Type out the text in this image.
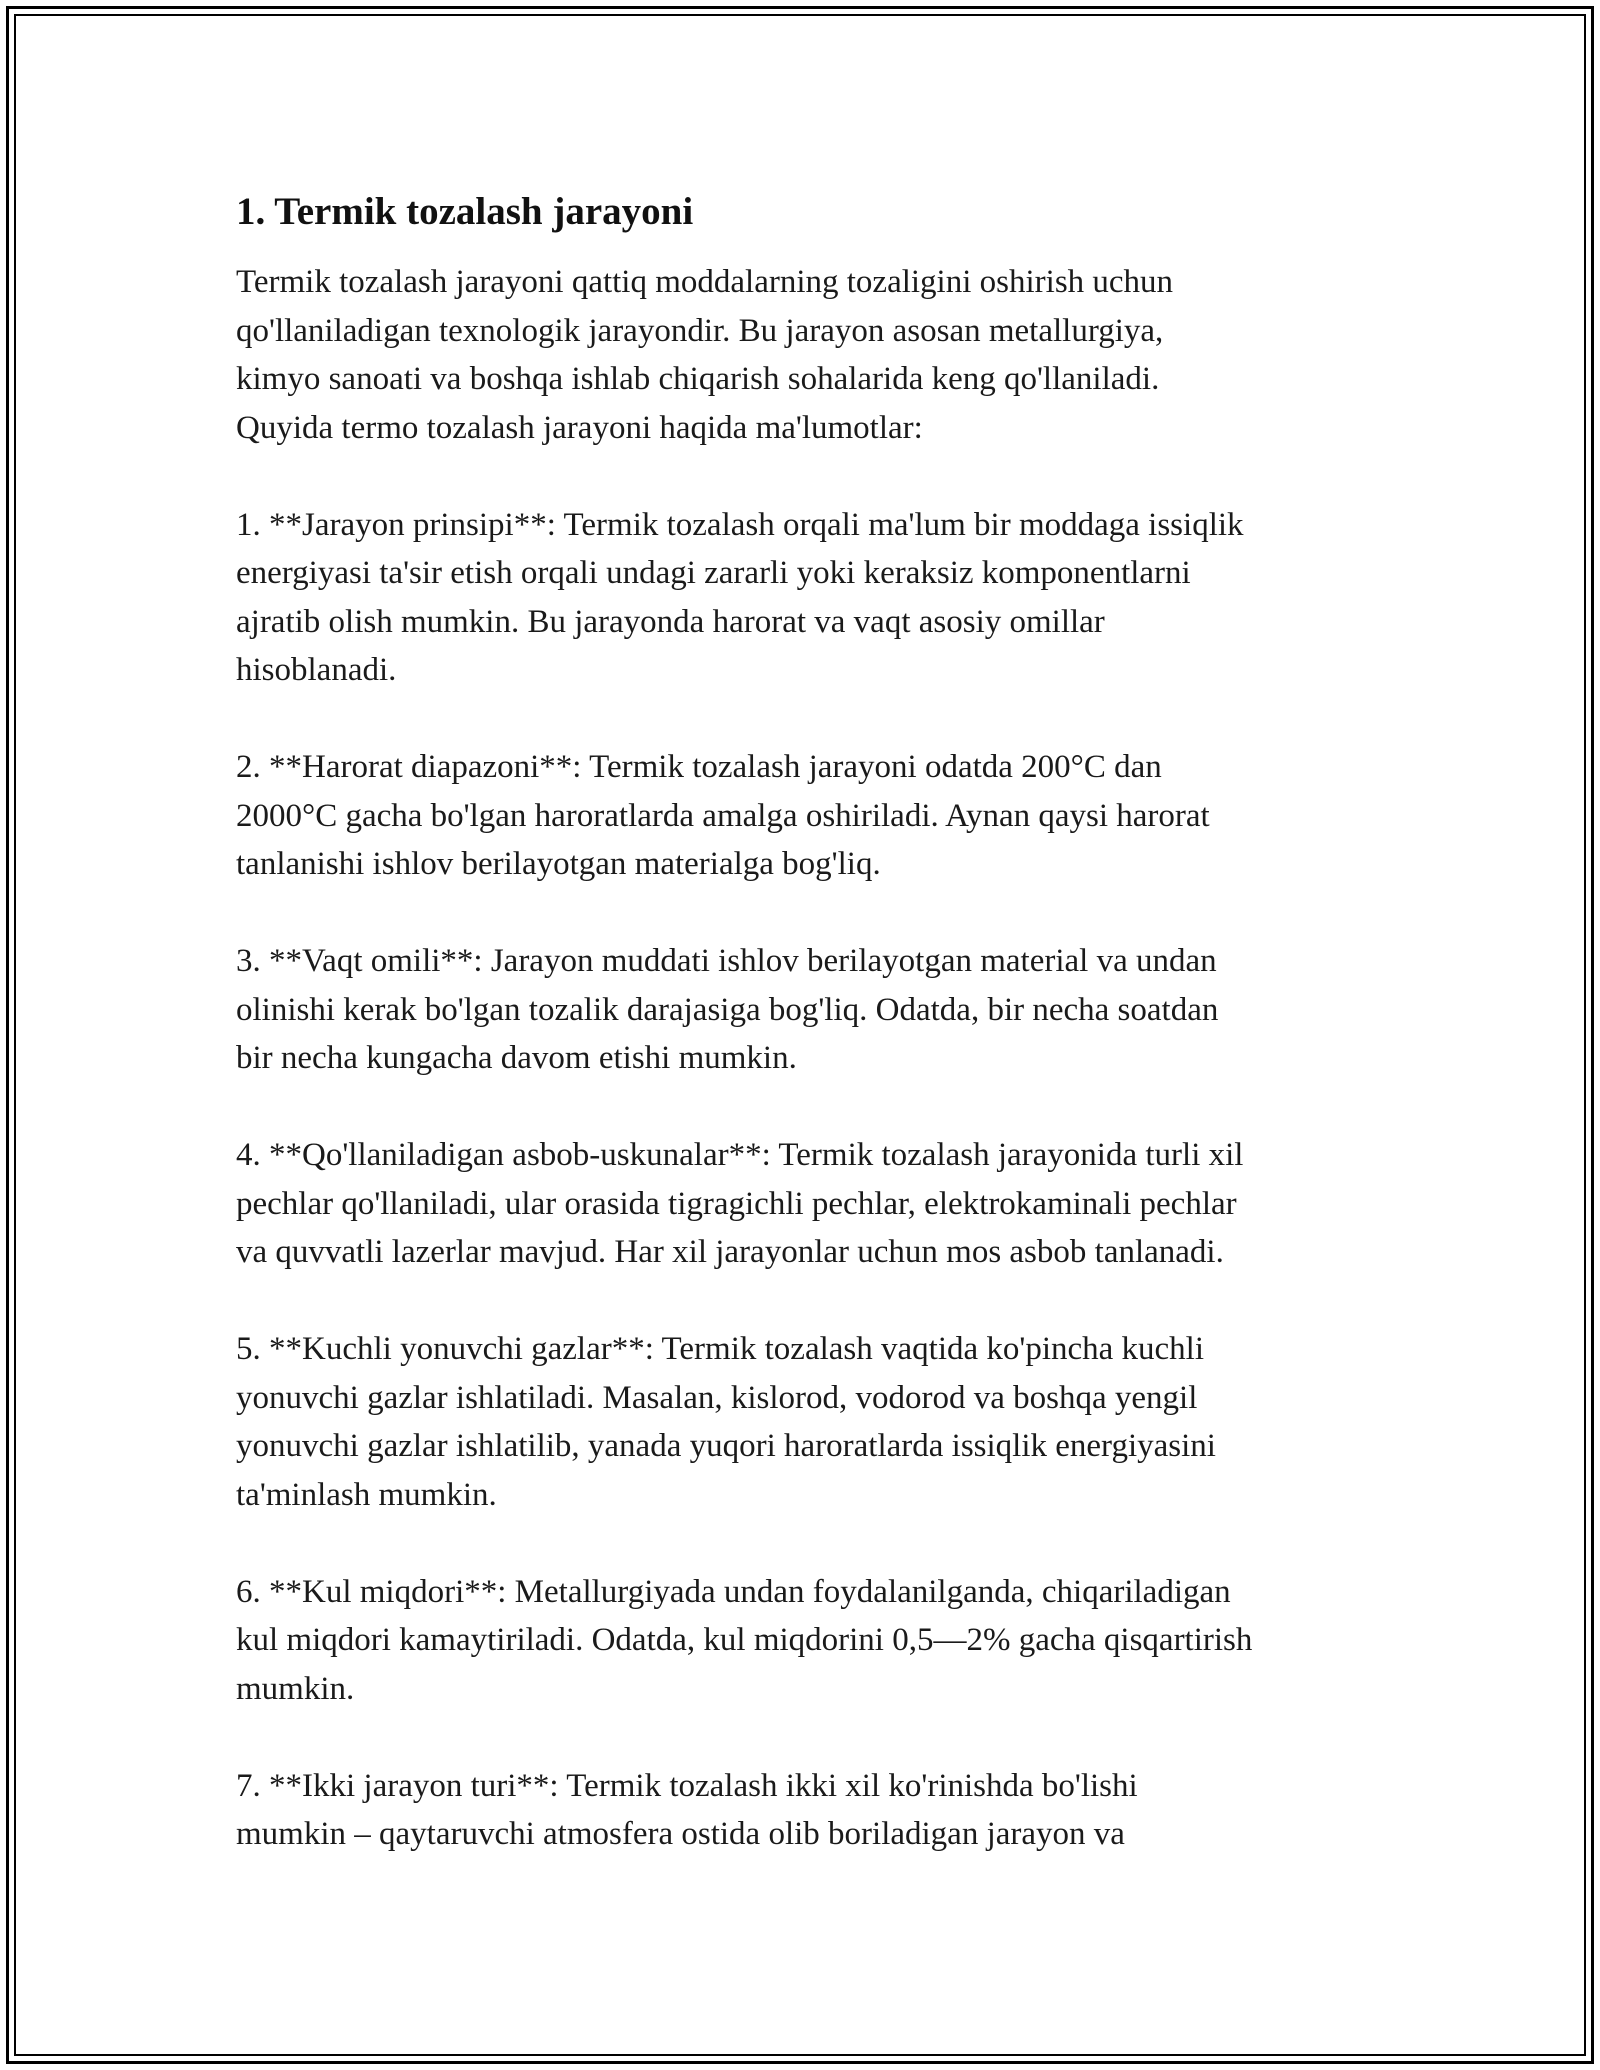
1. Termik tozalash jarayoni

Termik tozalash jarayoni qattiq moddalarning tozaligini oshirish uchun
qo'llaniladigan texnologik jarayondir. Bu jarayon asosan metallurgiya,
kimyo sanoati va boshqa ishlab chiqarish sohalarida keng qo'llaniladi.
Quyida termo tozalash jarayoni haqida ma'lumotlar:

1. **Jarayon prinsipi**: Termik tozalash orqali ma'lum bir moddaga issiqlik
energiyasi ta'sir etish orqali undagi zararli yoki keraksiz komponentlarni
ajratib olish mumkin. Bu jarayonda harorat va vaqt asosiy omillar
hisoblanadi.

2. **Harorat diapazoni**: Termik tozalash jarayoni odatda 200°C dan
2000°C gacha bo'lgan haroratlarda amalga oshiriladi. Aynan qaysi harorat
tanlanishi ishlov berilayotgan materialga bog'liq.

3. **Vaqt omili**: Jarayon muddati ishlov berilayotgan material va undan
olinishi kerak bo'lgan tozalik darajasiga bog'liq. Odatda, bir necha soatdan
bir necha kungacha davom etishi mumkin.

4. **Qo'llaniladigan asbob-uskunalar**: Termik tozalash jarayonida turli xil
pechlar qo'llaniladi, ular orasida tigragichli pechlar, elektrokaminali pechlar
va quvvatli lazerlar mavjud. Har xil jarayonlar uchun mos asbob tanlanadi.

5. **Kuchli yonuvchi gazlar**: Termik tozalash vaqtida ko'pincha kuchli
yonuvchi gazlar ishlatiladi. Masalan, kislorod, vodorod va boshqa yengil
yonuvchi gazlar ishlatilib, yanada yuqori haroratlarda issiqlik energiyasini
ta'minlash mumkin.

6. **Kul miqdori**: Metallurgiyada undan foydalanilganda, chiqariladigan
kul miqdori kamaytiriladi. Odatda, kul miqdorini 0,5—2% gacha qisqartirish
mumkin.

7. **Ikki jarayon turi**: Termik tozalash ikki xil ko'rinishda bo'lishi
mumkin – qaytaruvchi atmosfera ostida olib boriladigan jarayon va
